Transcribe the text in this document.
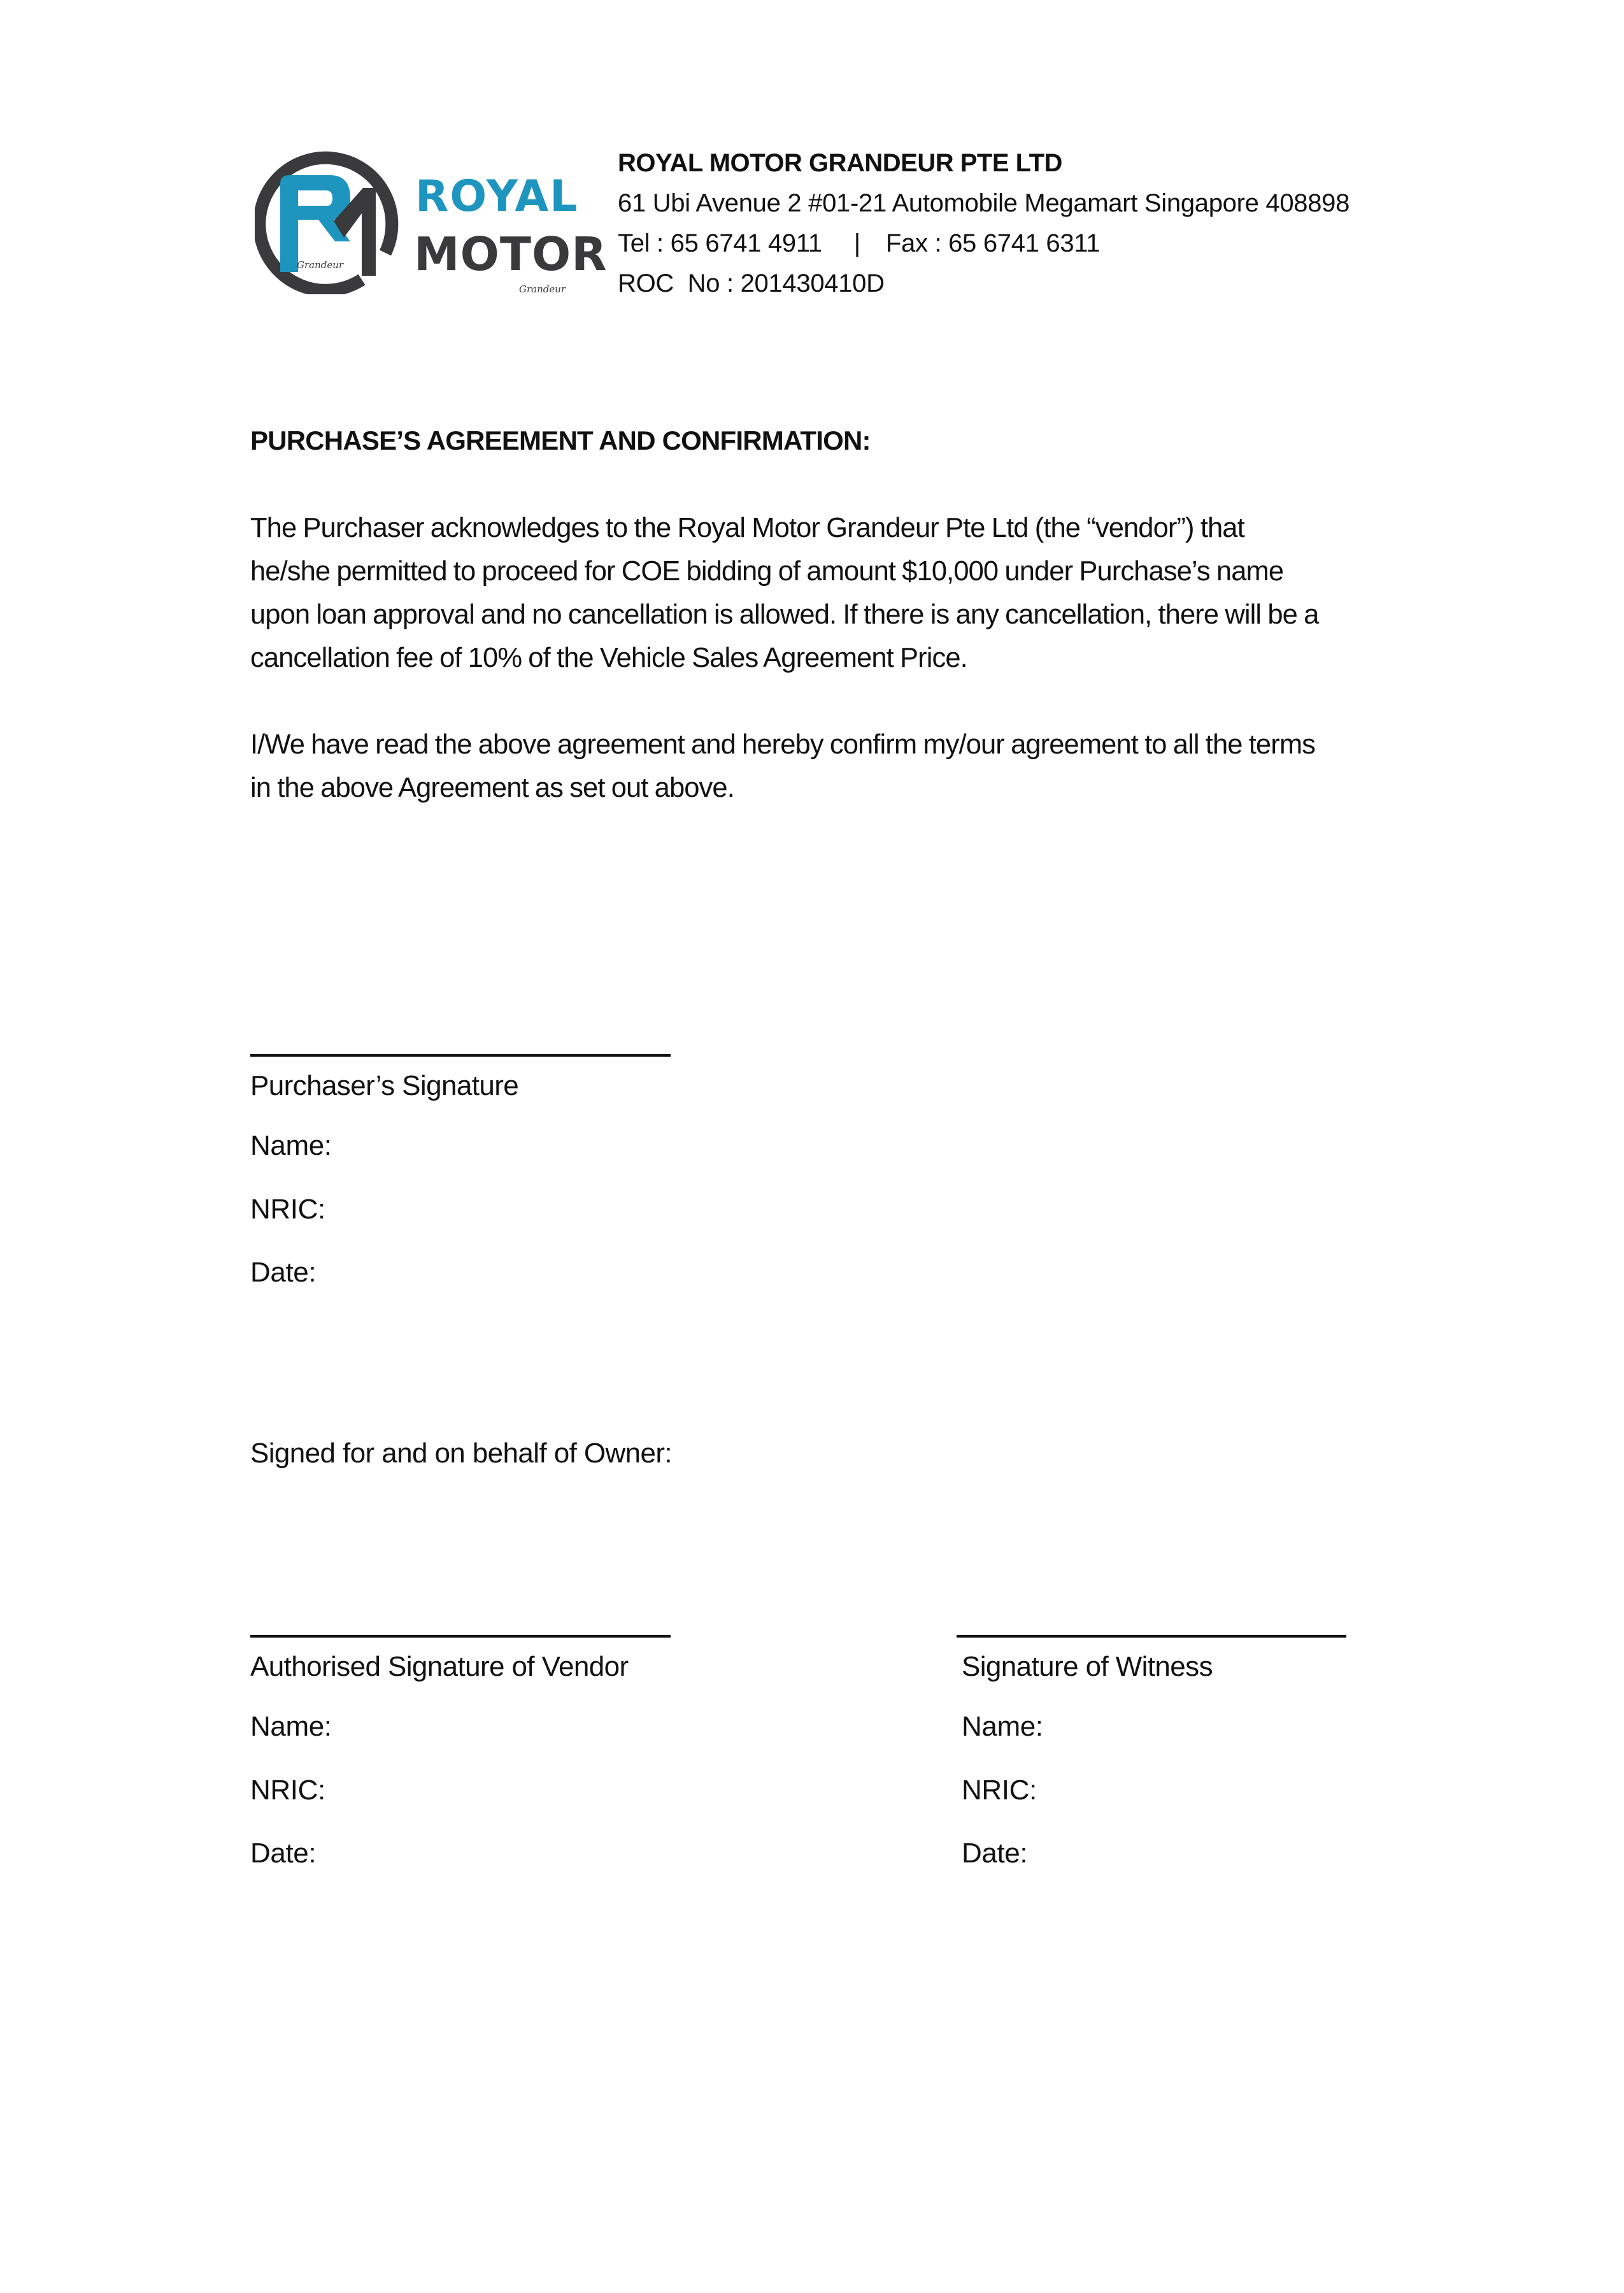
Grandeur
ROYAL
MOTOR
Grandeur
ROYAL MOTOR GRANDEUR PTE LTD
61 Ubi Avenue 2 #01-21 Automobile Megamart Singapore 408898
Tel : 65 6741 4911 | Fax : 65 6741 6311
ROC  No : 201430410D
PURCHASE’S AGREEMENT AND CONFIRMATION:
The Purchaser acknowledges to the Royal Motor Grandeur Pte Ltd (the “vendor”) that
he/she permitted to proceed for COE bidding of amount $10,000 under Purchase’s name
upon loan approval and no cancellation is allowed. If there is any cancellation, there will be a
cancellation fee of 10% of the Vehicle Sales Agreement Price.
I/We have read the above agreement and hereby confirm my/our agreement to all the terms
in the above Agreement as set out above.
Purchaser’s Signature
Name:
NRIC:
Date:
Signed for and on behalf of Owner:
Authorised Signature of Vendor
Name:
NRIC:
Date:
Signature of Witness
Name:
NRIC:
Date:
